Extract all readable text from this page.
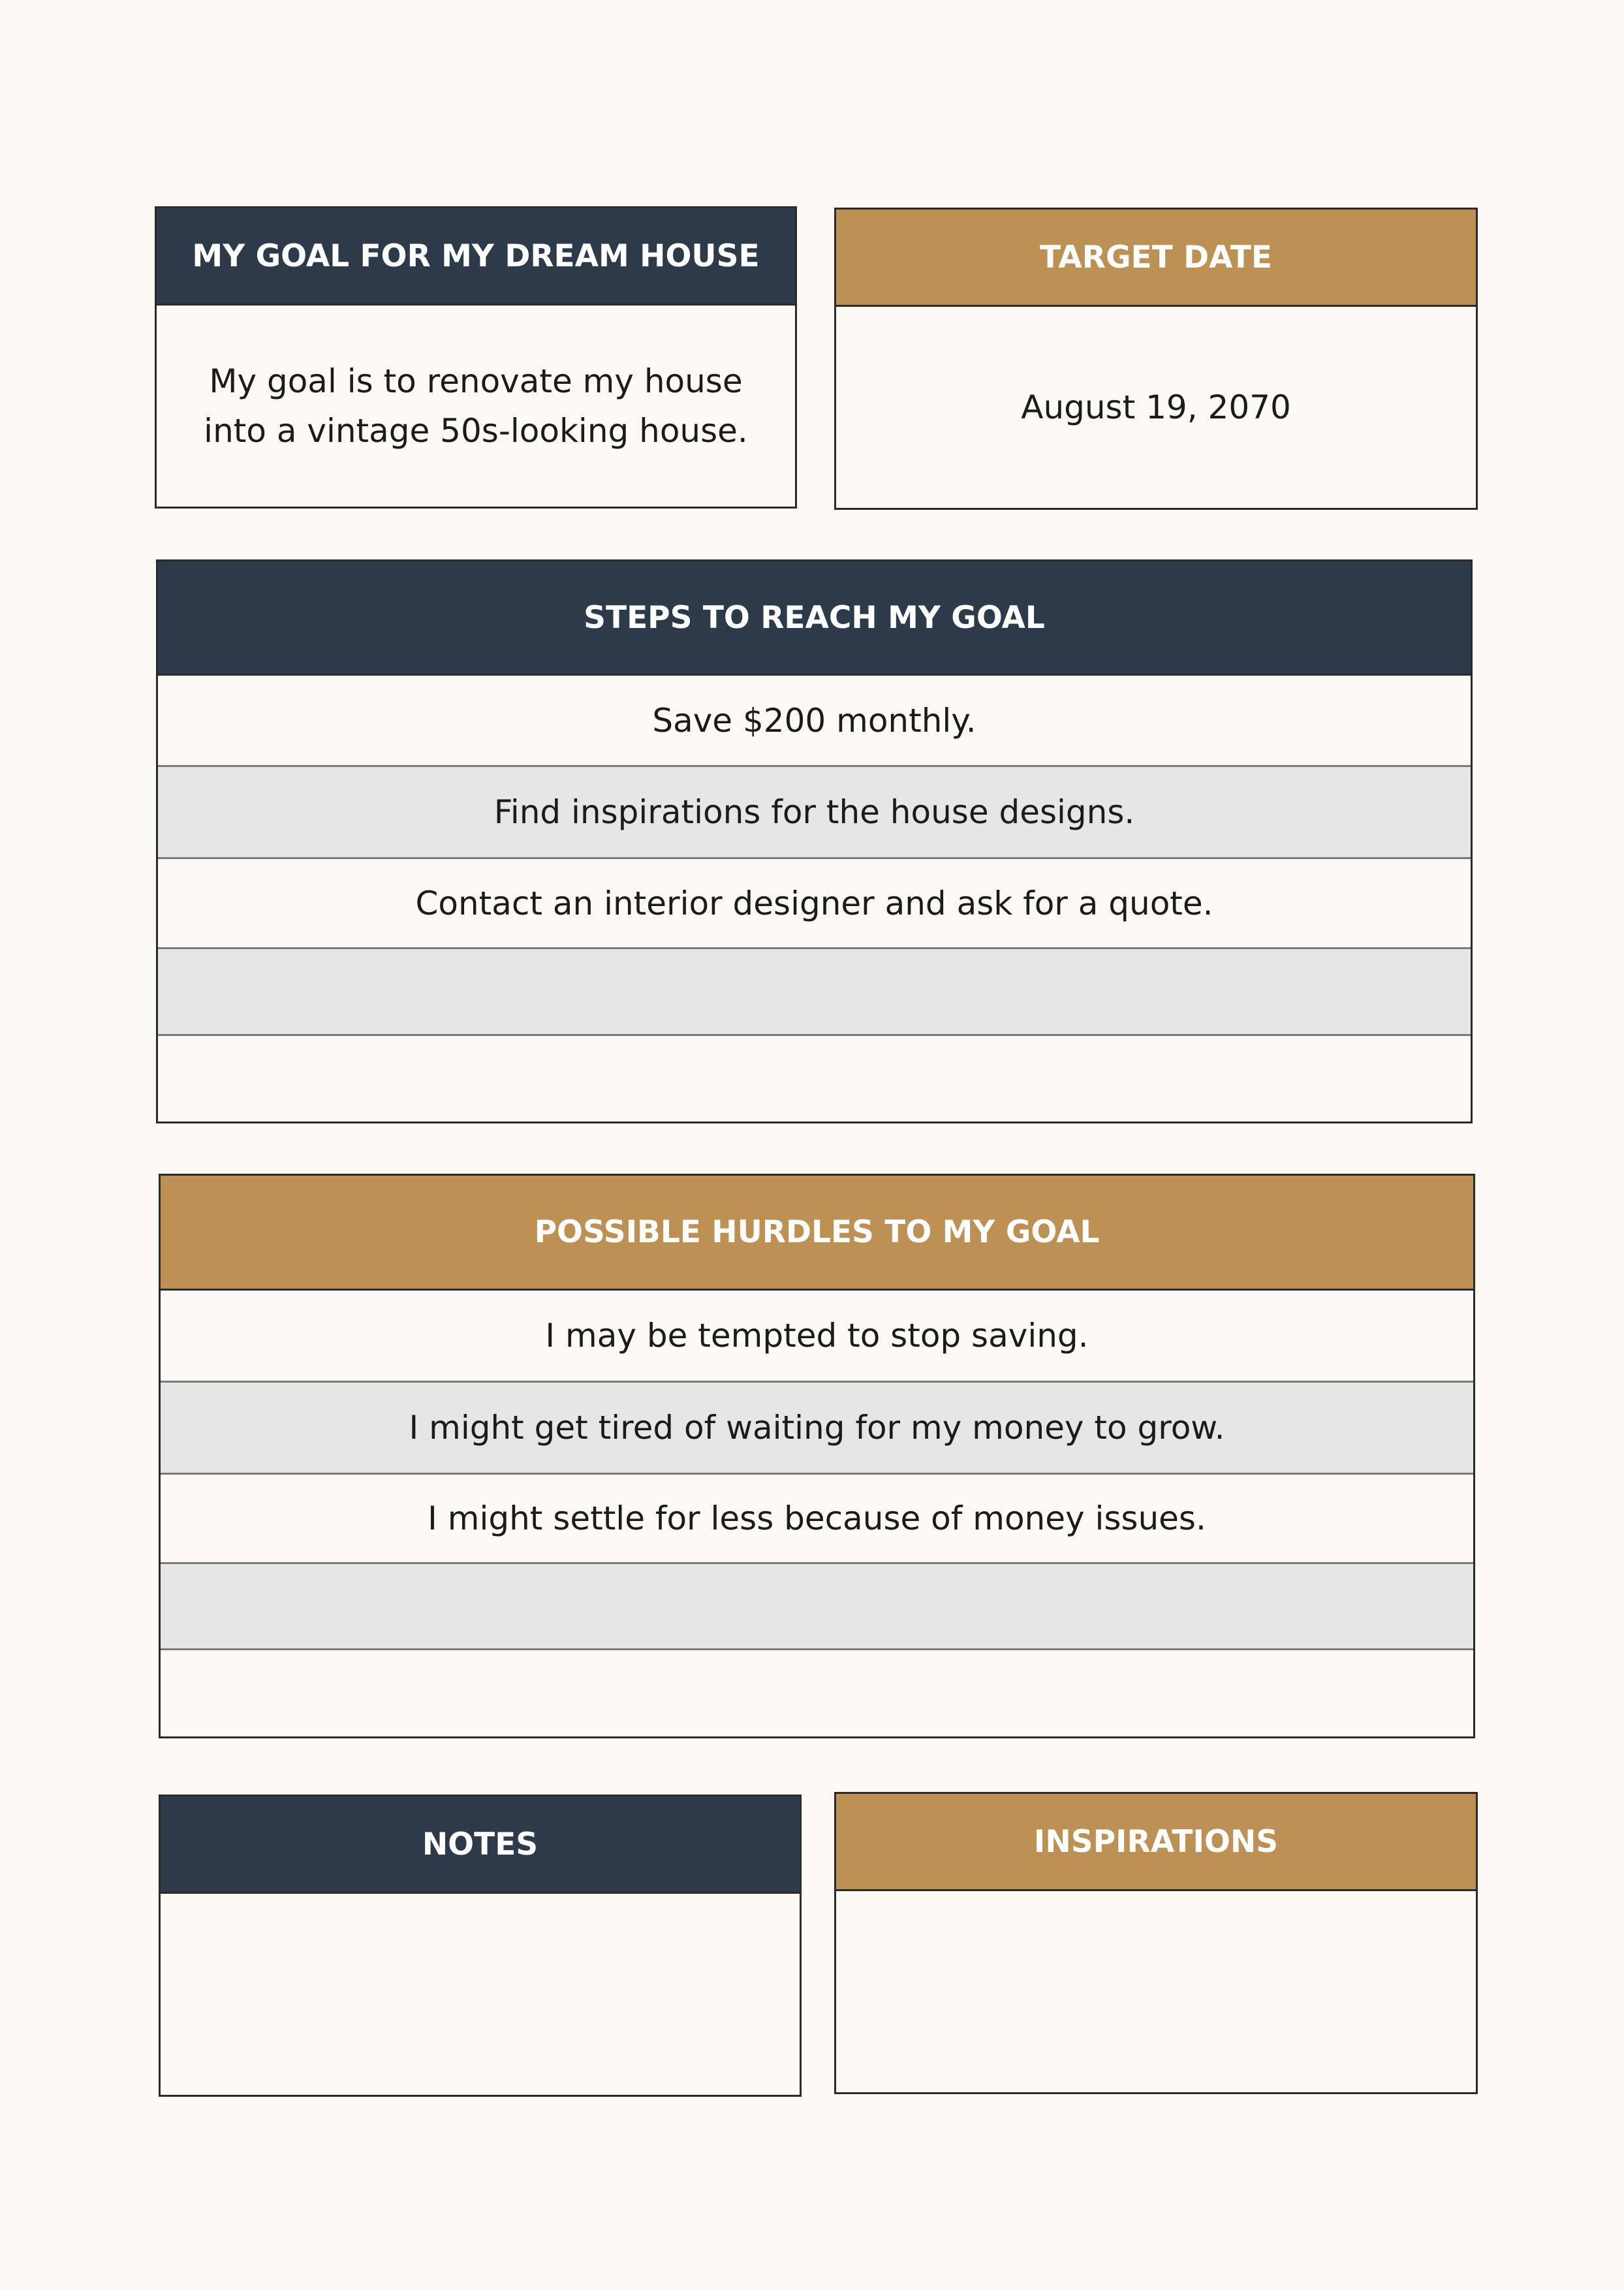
MY GOAL FOR MY DREAM HOUSE
My goal is to renovate my house into a vintage 50s-looking house.
TARGET DATE
August 19, 2070
STEPS TO REACH MY GOAL
Save $200 monthly.
Find inspirations for the house designs.
Contact an interior designer and ask for a quote.
POSSIBLE HURDLES TO MY GOAL
I may be tempted to stop saving.
I might get tired of waiting for my money to grow.
I might settle for less because of money issues.
NOTES	INSPIRATIONS
